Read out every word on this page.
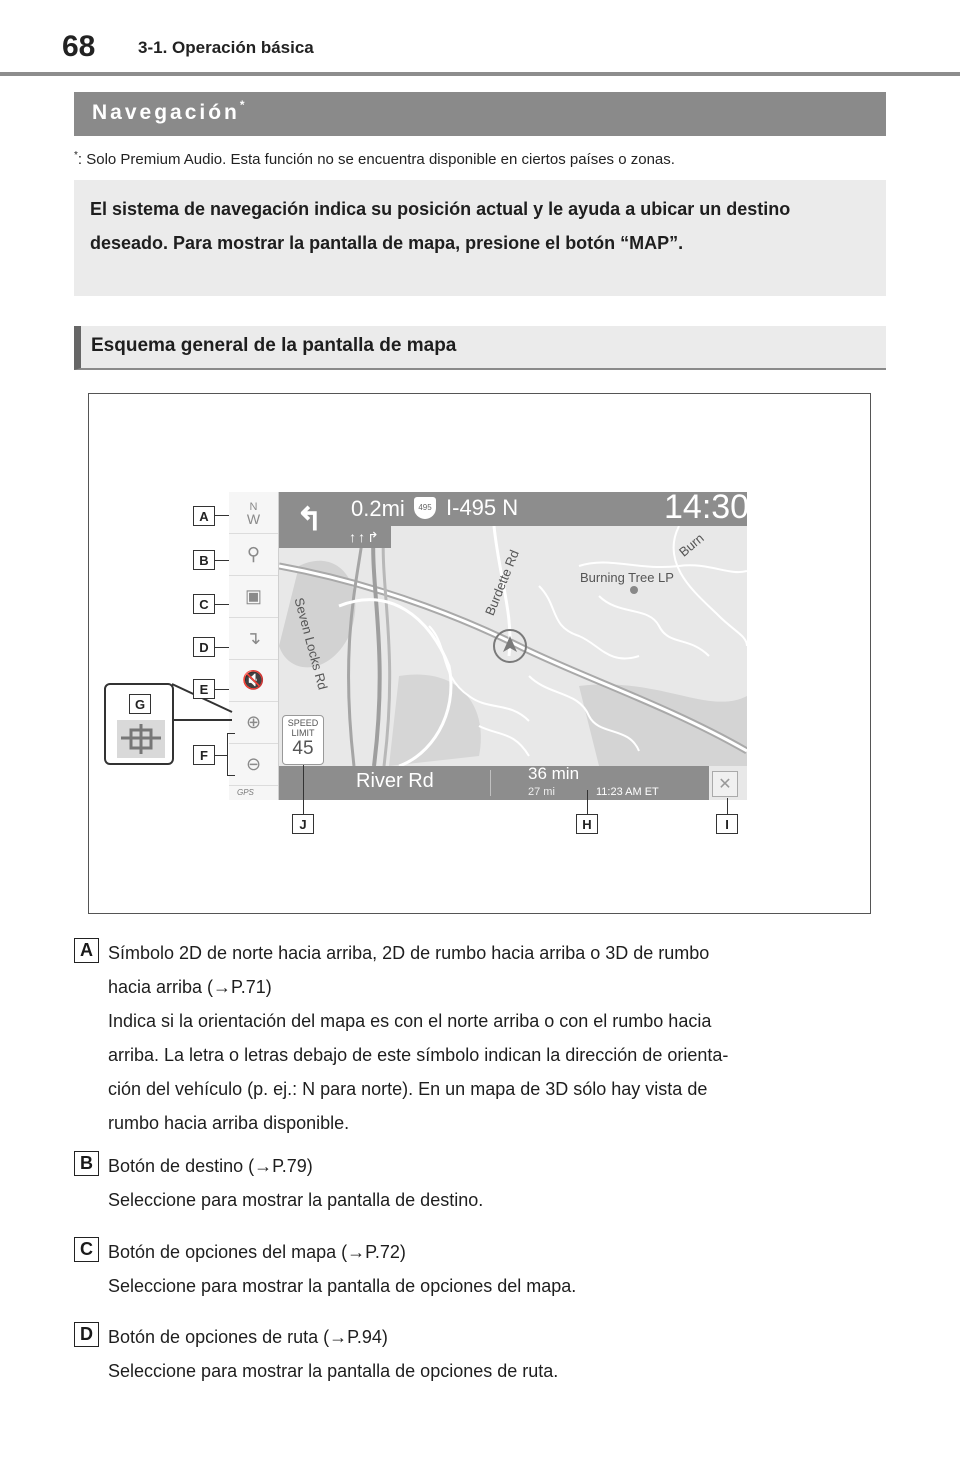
68	3-1. Operación básica
Navegación*
*: Solo Premium Audio. Esta función no se encuentra disponible en ciertos países o zonas.

El sistema de navegación indica su posición actual y le ayuda a ubicar un destino deseado. Para mostrar la pantalla de mapa, presione el botón “MAP”.

Esquema general de la pantalla de mapa
Seven Locks Rd
Burdette Rd
Burn
Burning Tree LP
↰	↑↑↱
0.2mi	495 I-495 N	14:30
N
W
⚲
▣
↴
🔇
⊕
⊖
GPS
SPEED LIMIT
45
River Rd	36 min
27 mi	11:23 AM ET	✕
A
B
C
D
E
F
G
H	I
J
A Símbolo 2D de norte hacia arriba, 2D de rumbo hacia arriba o 3D de rumbo
hacia arriba (→P.71)
Indica si la orientación del mapa es con el norte arriba o con el rumbo hacia
arriba. La letra o letras debajo de este símbolo indican la dirección de orienta-
ción del vehículo (p. ej.: N para norte). En un mapa de 3D sólo hay vista de
rumbo hacia arriba disponible.

B Botón de destino (→P.79)
Seleccione para mostrar la pantalla de destino.

C Botón de opciones del mapa (→P.72)
Seleccione para mostrar la pantalla de opciones del mapa.

D Botón de opciones de ruta (→P.94)
Seleccione para mostrar la pantalla de opciones de ruta.
